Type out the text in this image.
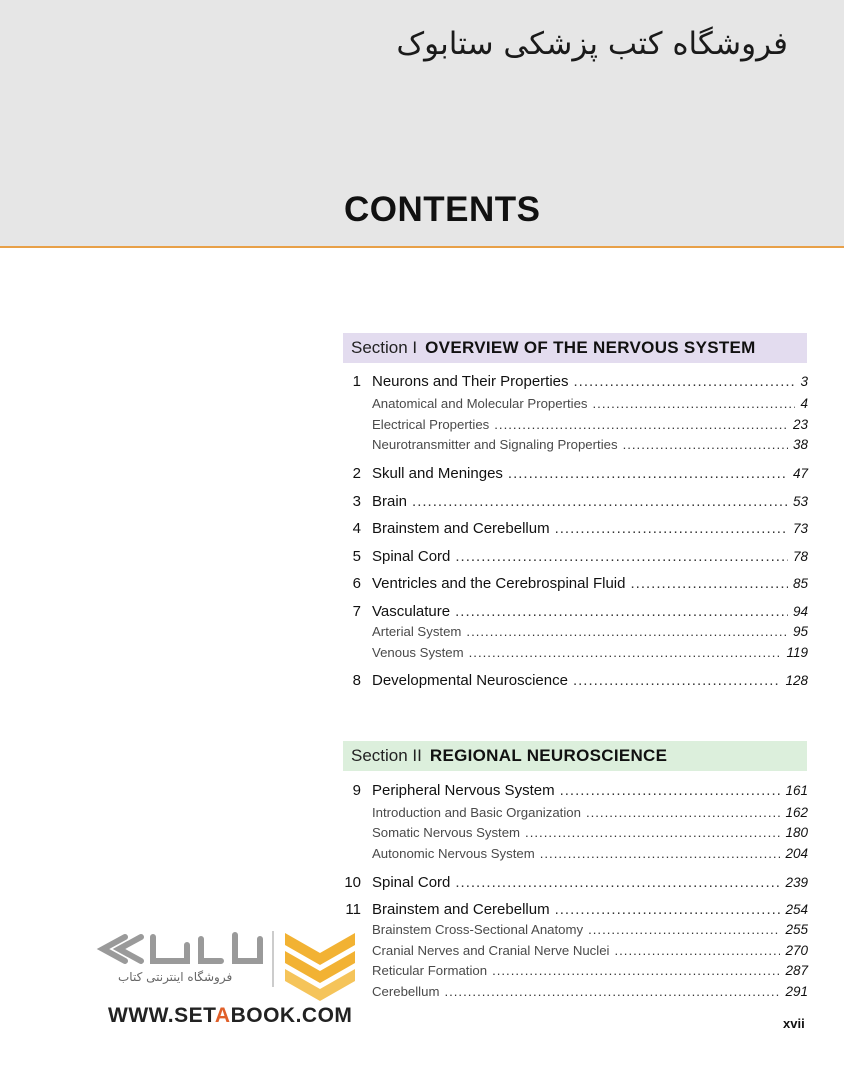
فروشگاه کتب پزشکی ستابوک
CONTENTS
Section I OVERVIEW OF THE NERVOUS SYSTEM
1 Neurons and Their Properties .....	3
Anatomical and Molecular Properties .....	4
Electrical Properties .....	23
Neurotransmitter and Signaling Properties .....	38
2 Skull and Meninges .....	47
3 Brain .....	53
4 Brainstem and Cerebellum .....	73
5 Spinal Cord .....	78
6 Ventricles and the Cerebrospinal Fluid .....	85
7 Vasculature .....	94
Arterial System .....	95
Venous System .....	119
8 Developmental Neuroscience .....	128
Section II REGIONAL NEUROSCIENCE
9 Peripheral Nervous System .....	161
Introduction and Basic Organization .....	162
Somatic Nervous System .....	180
Autonomic Nervous System .....	204
10 Spinal Cord .....	239
11 Brainstem and Cerebellum .....	254
Brainstem Cross-Sectional Anatomy .....	255
Cranial Nerves and Cranial Nerve Nuclei .....	270
Reticular Formation .....	287
Cerebellum .....	291
فروشگاه اینترنتی کتاب
WWW.SETABOOK.COM	xvii
